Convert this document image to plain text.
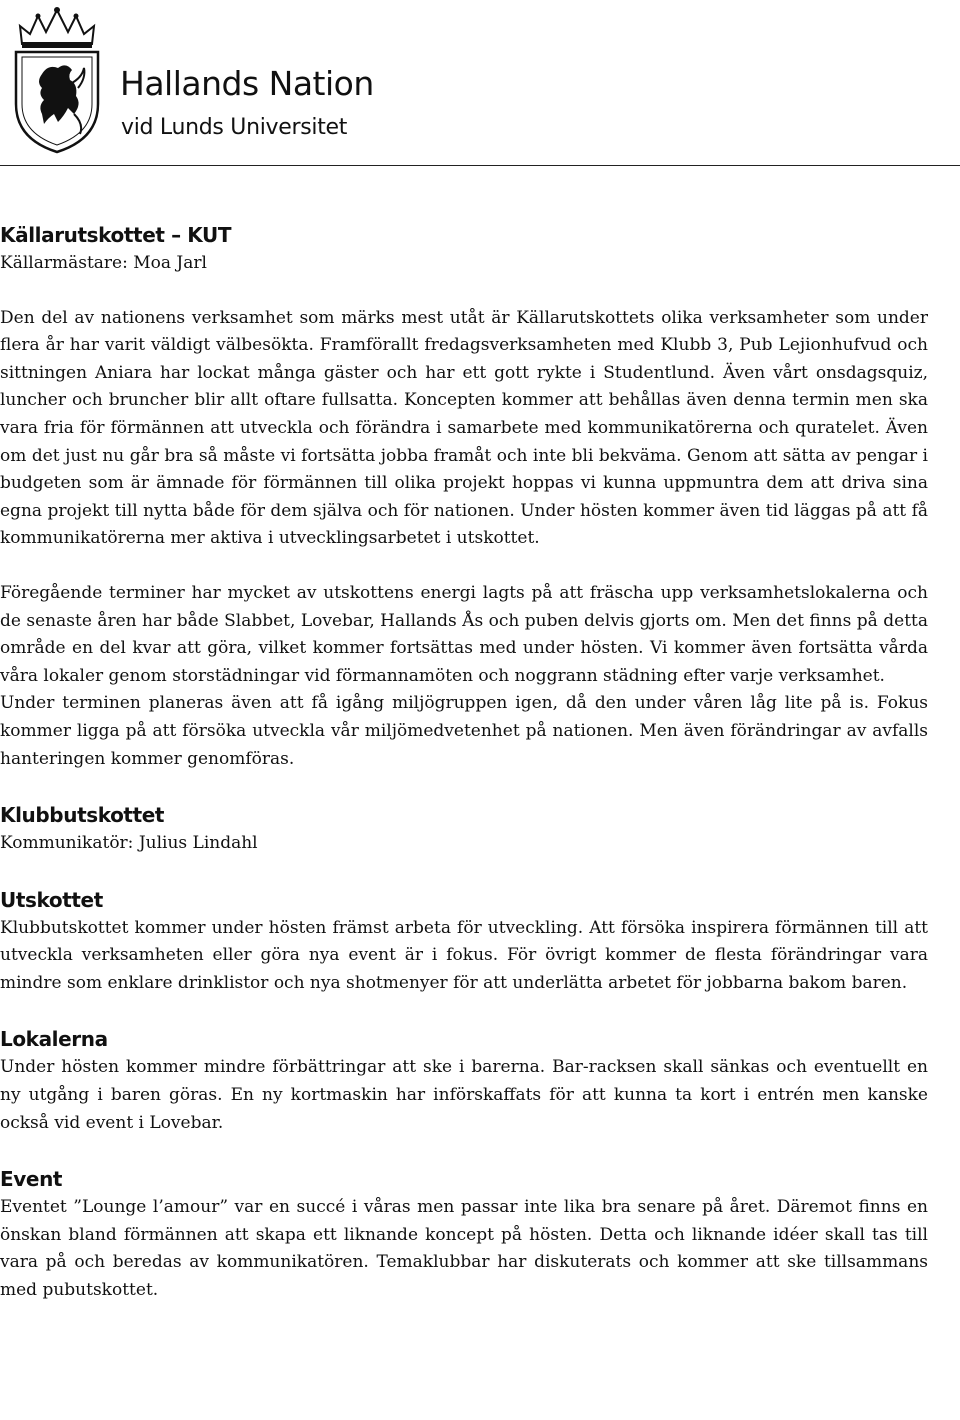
Hallands Nation
vid Lunds Universitet
Källarutskottet – KUT

Källarmästare: Moa Jarl

Den del av nationens verksamhet som märks mest utåt är Källarutskottets olika verksamheter som under flera år har varit väldigt välbesökta. Framförallt fredagsverksamheten med Klubb 3, Pub Lejionhufvud och sittningen Aniara har lockat många gäster och har ett gott rykte i Studentlund. Även vårt onsdagsquiz, luncher och bruncher blir allt oftare fullsatta. Koncepten kommer att behållas även denna termin men ska vara fria för förmännen att utveckla och förändra i samarbete med kommunikatörerna och quratelet. Även om det just nu går bra så måste vi fortsätta jobba framåt och inte bli bekväma. Genom att sätta av pengar i budgeten som är ämnade för förmännen till olika projekt hoppas vi kunna uppmuntra dem att driva sina egna projekt till nytta både för dem själva och för nationen. Under hösten kommer även tid läggas på att få kommunikatörerna mer aktiva i utvecklingsarbetet i utskottet.

Föregående terminer har mycket av utskottens energi lagts på att fräscha upp verksamhetslokalerna och de senaste åren har både Slabbet, Lovebar, Hallands Ås och puben delvis gjorts om. Men det finns på detta område en del kvar att göra, vilket kommer fortsättas med under hösten. Vi kommer även fortsätta vårda våra lokaler genom storstädningar vid förmannamöten och noggrann städning efter varje verksamhet.

Under terminen planeras även att få igång miljögruppen igen, då den under våren låg lite på is. Fokus kommer ligga på att försöka utveckla vår miljömedvetenhet på nationen. Men även förändringar av avfalls hanteringen kommer genomföras.

Klubbutskottet

Kommunikatör: Julius Lindahl

Utskottet

Klubbutskottet kommer under hösten främst arbeta för utveckling. Att försöka inspirera förmännen till att utveckla verksamheten eller göra nya event är i fokus. För övrigt kommer de flesta förändringar vara mindre som enklare drinklistor och nya shotmenyer för att underlätta arbetet för jobbarna bakom baren.

Lokalerna

Under hösten kommer mindre förbättringar att ske i barerna. Bar-racksen skall sänkas och eventuellt en ny utgång i baren göras. En ny kortmaskin har införskaffats för att kunna ta kort i entrén men kanske också vid event i Lovebar.

Event

Eventet ”Lounge l’amour” var en succé i våras men passar inte lika bra senare på året. Däremot finns en önskan bland förmännen att skapa ett liknande koncept på hösten. Detta och liknande idéer skall tas till vara på och beredas av kommunikatören. Temaklubbar har diskuterats och kommer att ske tillsammans med pubutskottet.
